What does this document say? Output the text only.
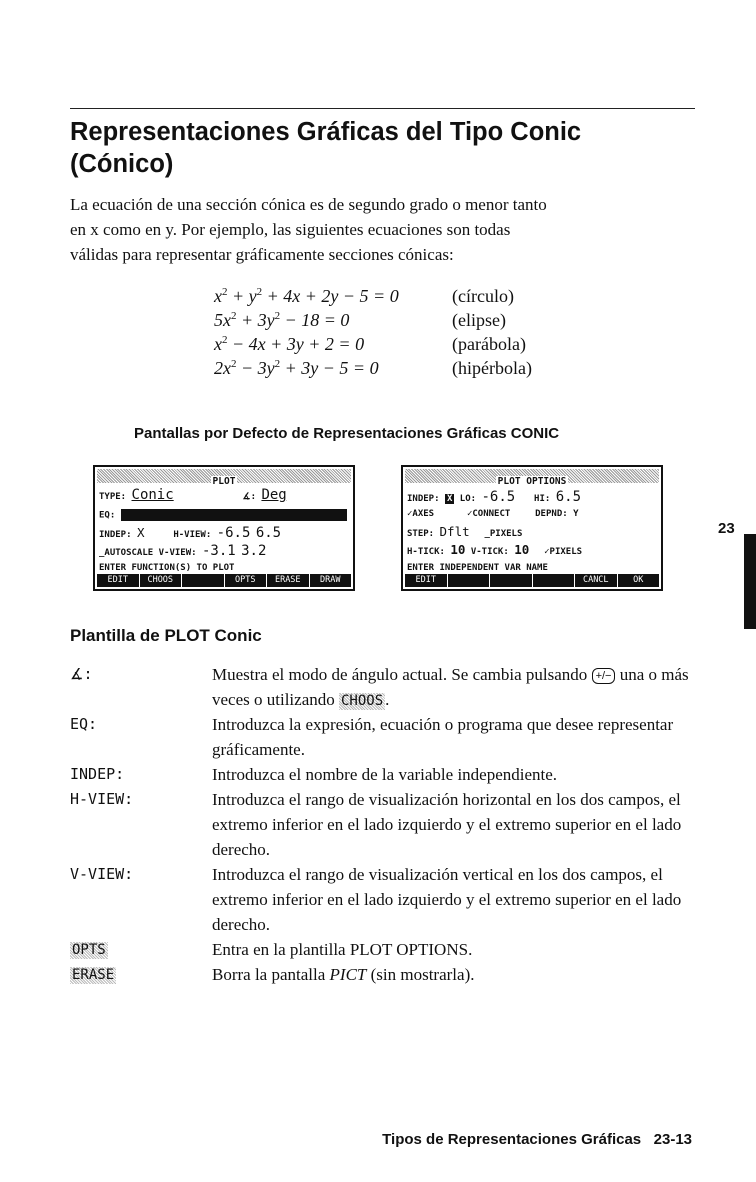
Representaciones Gráficas del Tipo Conic (Cónico)

La ecuación de una sección cónica es de segundo grado o menor tanto

en x como en y. Por ejemplo, las siguientes ecuaciones son todas

válidas para representar gráficamente secciones cónicas:

$x^2 + y^2 + 4x + 2y - 5 = 0$	(círculo)
$5x^2 + 3y^2 - 18 = 0$	(elipse)
$x^2 - 4x + 3y + 2 = 0$	(parábola)
$2x^2 - 3y^2 + 3y - 5 = 0$	(hipérbola)
Pantallas por Defecto de Representaciones Gráficas CONIC
PLOT
TYPE: Conic	∡: Deg
EQ:
INDEP: X	H-VIEW: -6.5 6.5
_AUTOSCALE V-VIEW: -3.1 3.2
ENTER FUNCTION(S) TO PLOT
EDIT	CHOOS	OPTS	ERASE	DRAW
PLOT OPTIONS
INDEP: X LO: -6.5 HI: 6.5
✓AXES	✓CONNECT	DEPND: Y
STEP: Dflt _PIXELS
H-TICK: 10 V-TICK: 10 ✓PIXELS
ENTER INDEPENDENT VAR NAME
EDIT	CANCL	OK
23
Plantilla de PLOT Conic
∡:	Muestra el modo de ángulo actual. Se cambia pulsando +/− una o más veces o utilizando CHOOS .
EQ:	Introduzca la expresión, ecuación o programa que desee representar gráficamente.
INDEP:	Introduzca el nombre de la variable independiente.
H-VIEW:	Introduzca el rango de visualización horizontal en los dos campos, el extremo inferior en el lado izquierdo y el extremo superior en el lado derecho.
V-VIEW:	Introduzca el rango de visualización vertical en los dos campos, el extremo inferior en el lado izquierdo y el extremo superior en el lado derecho.
OPTS	Entra en la plantilla PLOT OPTIONS.
ERASE	Borra la pantalla PICT (sin mostrarla).
Tipos de Representaciones Gráficas   23-13
